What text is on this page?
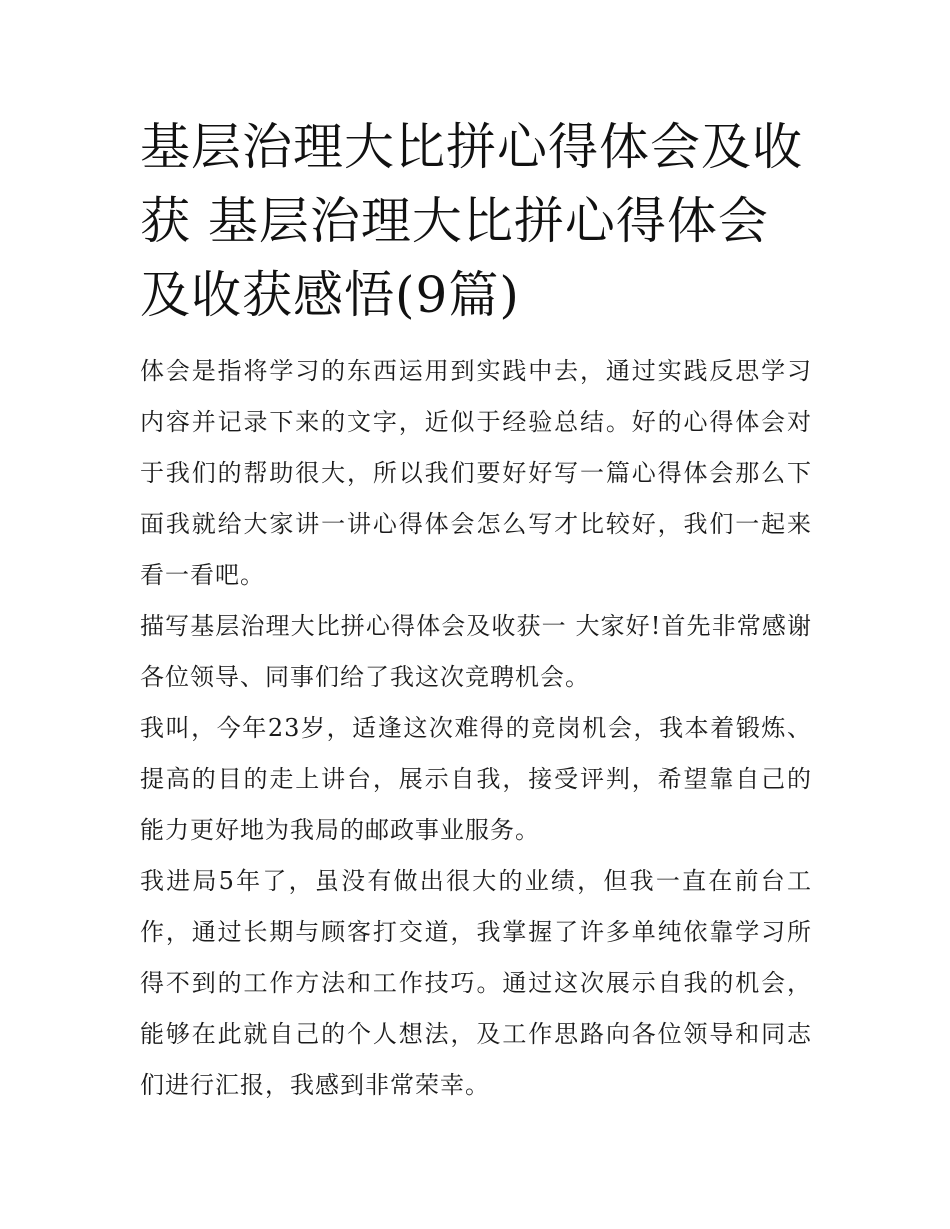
基层治理大比拼心得体会及收获 基层治理大比拼心得体会及收获感悟(9篇)

体会是指将学习的东西运用到实践中去，通过实践反思学习内容并记录下来的文字，近似于经验总结。好的心得体会对于我们的帮助很大，所以我们要好好写一篇心得体会那么下面我就给大家讲一讲心得体会怎么写才比较好，我们一起来看一看吧。

描写基层治理大比拼心得体会及收获一 大家好!首先非常感谢各位领导、同事们给了我这次竞聘机会。

我叫，今年23岁，适逢这次难得的竞岗机会，我本着锻炼、提高的目的走上讲台，展示自我，接受评判，希望靠自己的能力更好地为我局的邮政事业服务。

我进局5年了，虽没有做出很大的业绩，但我一直在前台工作，通过长期与顾客打交道，我掌握了许多单纯依靠学习所得不到的工作方法和工作技巧。通过这次展示自我的机会，能够在此就自己的个人想法，及工作思路向各位领导和同志们进行汇报，我感到非常荣幸。
